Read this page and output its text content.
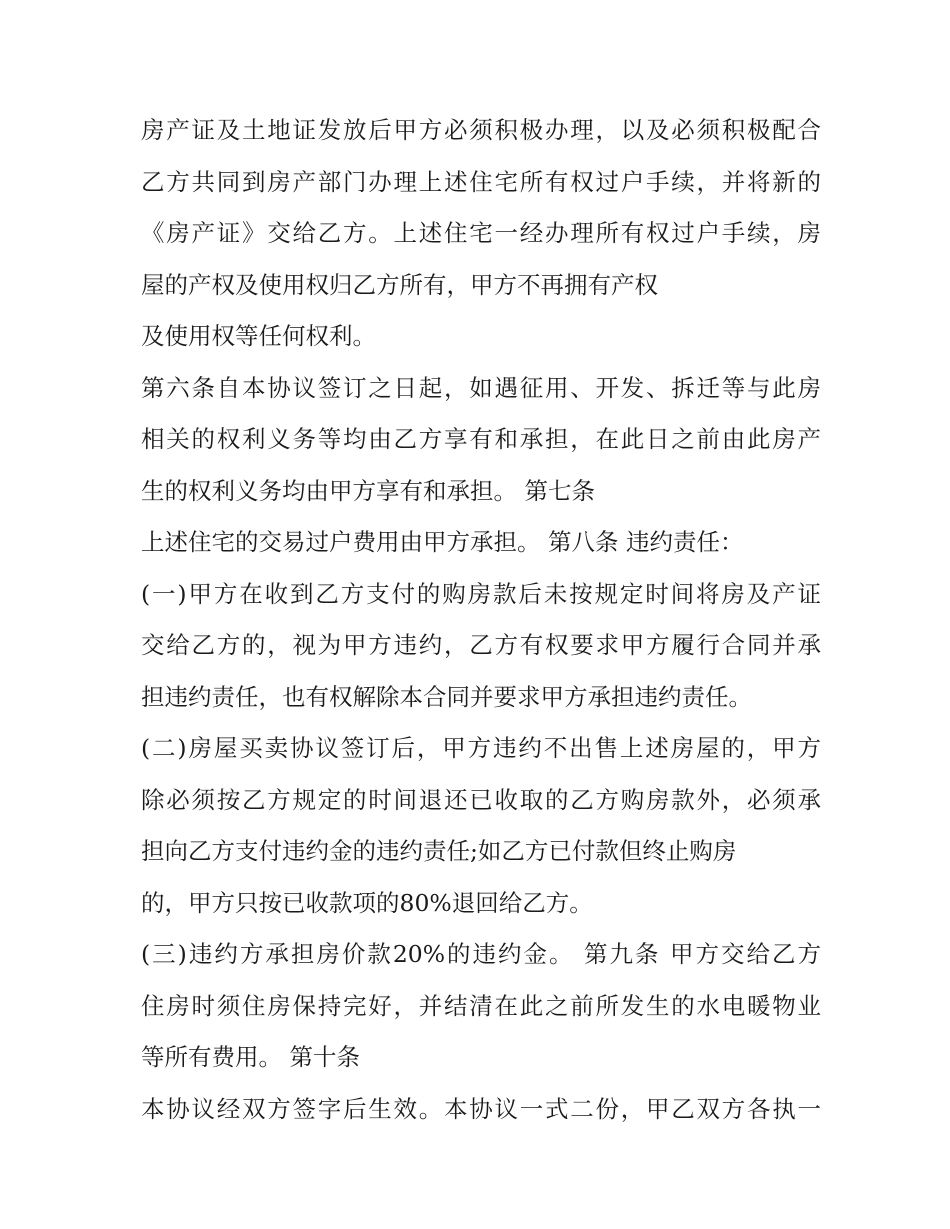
房产证及土地证发放后甲方必须积极办理，以及必须积极配合
乙方共同到房产部门办理上述住宅所有权过户手续，并将新的
《房产证》交给乙方。上述住宅一经办理所有权过户手续，房
屋的产权及使用权归乙方所有，甲方不再拥有产权
及使用权等任何权利。
第六条自本协议签订之日起，如遇征用、开发、拆迁等与此房
相关的权利义务等均由乙方享有和承担，在此日之前由此房产
生的权利义务均由甲方享有和承担。 第七条
上述住宅的交易过户费用由甲方承担。 第八条 违约责任：
(一)甲方在收到乙方支付的购房款后未按规定时间将房及产证
交给乙方的，视为甲方违约，乙方有权要求甲方履行合同并承
担违约责任，也有权解除本合同并要求甲方承担违约责任。
(二)房屋买卖协议签订后，甲方违约不出售上述房屋的，甲方
除必须按乙方规定的时间退还已收取的乙方购房款外，必须承
担向乙方支付违约金的违约责任;如乙方已付款但终止购房
的，甲方只按已收款项的80%退回给乙方。
(三)违约方承担房价款20%的违约金。 第九条 甲方交给乙方
住房时须住房保持完好，并结清在此之前所发生的水电暖物业
等所有费用。 第十条
本协议经双方签字后生效。本协议一式二份，甲乙双方各执一
